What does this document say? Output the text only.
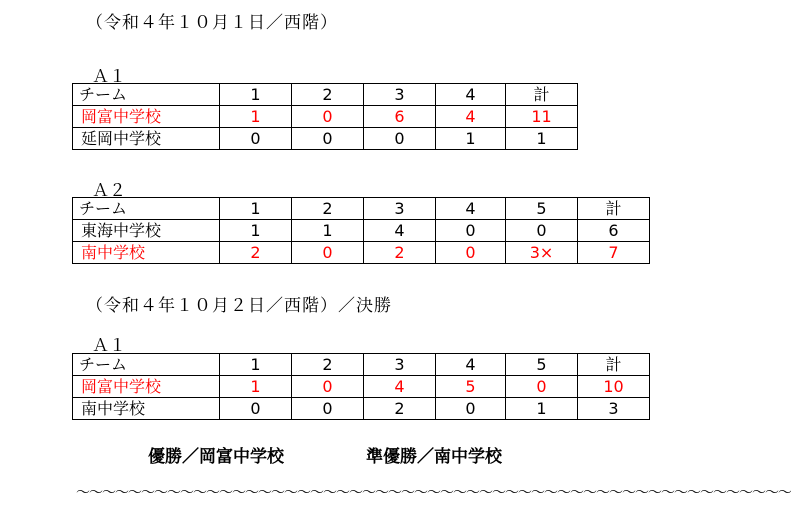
（令和４年１０月１日／西階）
Ａ１
チーム	1	2	3	4	計
岡富中学校	1	0	6	4	11
延岡中学校	0	0	0	1	1
Ａ２
チーム	1	2	3	4	5	計
東海中学校	1	1	4	0	0	6
南中学校	2	0	2	0	3×	7
（令和４年１０月２日／西階）／決勝
Ａ１
チーム	1	2	3	4	5	計
岡富中学校	1	0	4	5	0	10
南中学校	0	0	2	0	1	3
優勝／岡富中学校	準優勝／南中学校
〜〜〜〜〜〜〜〜〜〜〜〜〜〜〜〜〜〜〜〜〜〜〜〜〜〜〜〜〜〜〜〜〜〜〜〜〜〜〜〜〜〜〜〜〜〜〜〜〜〜〜〜〜〜〜
